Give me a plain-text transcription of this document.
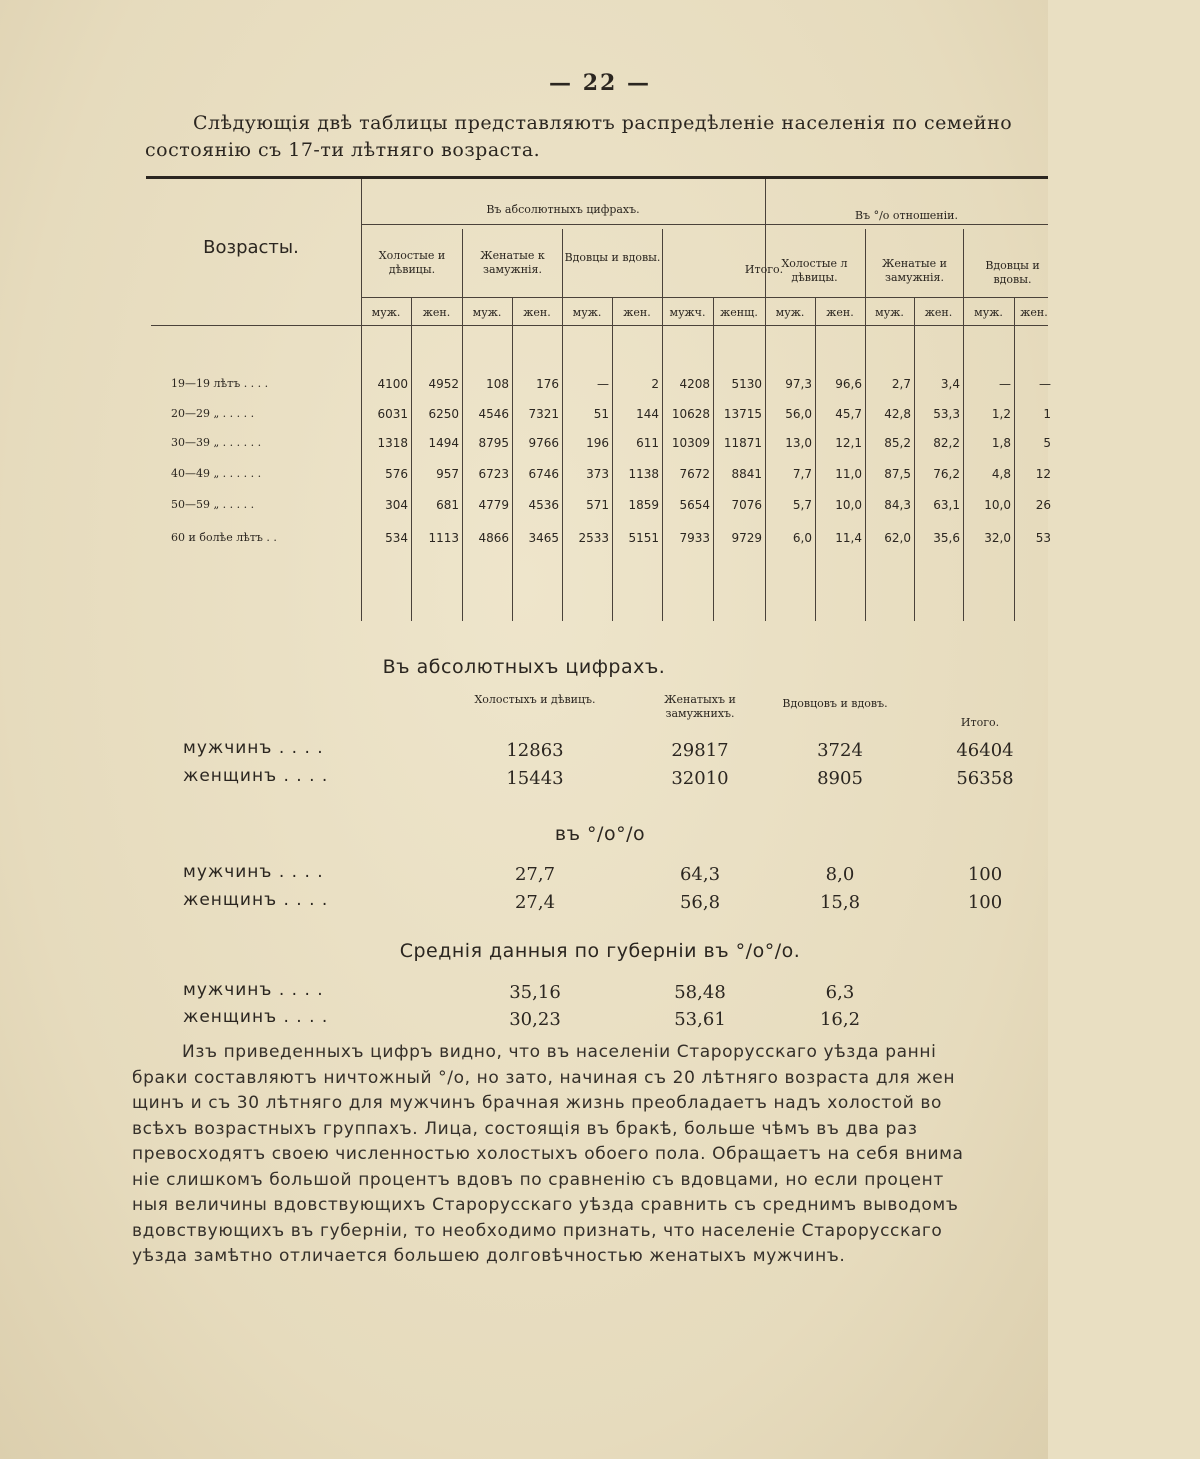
— 22 —
Слѣдующія двѣ таблицы представляютъ распредѣленіе населенія по семейно
состоянію съ 17-ти лѣтняго возраста.
Возрасты.
Въ абсолютныхъ цифрахъ.	Въ °/о отношеніи.
Холостые и дѣвицы.
Женатые к замужнія.
Вдовцы и вдовы.
Итого.
Холостые л дѣвицы.
Женатые и замужнія.
Вдовцы и вдовы.
муж.	жен.	муж.	жен.	муж.	жен.	мужч.	женщ.	муж.	жен.	муж.	жен.	муж.	жен.
19—19 лѣтъ . . . .	4100	4952	108	176	—	2	4208	5130	97,3	96,6	2,7	3,4	—	—
20—29 „ . . . . .	6031	6250	4546	7321	51	144	10628	13715	56,0	45,7	42,8	53,3	1,2	1
30—39 „ . . . . . .	1318	1494	8795	9766	196	611	10309	11871	13,0	12,1	85,2	82,2	1,8	5
40—49 „ . . . . . .	576	957	6723	6746	373	1138	7672	8841	7,7	11,0	87,5	76,2	4,8	12
50—59 „ . . . . .	304	681	4779	4536	571	1859	5654	7076	5,7	10,0	84,3	63,1	10,0	26
60 и болѣе лѣтъ . .	534	1113	4866	3465	2533	5151	7933	9729	6,0	11,4	62,0	35,6	32,0	53
Въ абсолютныхъ цифрахъ.
Холостыхъ и дѣвицъ.	Женатыхъ и замужнихъ.
Вдовцовъ и вдовъ.
Итого.
мужчинъ . . . .	12863	29817	3724	46404
женщинъ . . . .	15443	32010	8905	56358
мужчинъ . . . .	27,7	64,3	8,0	100
женщинъ . . . .	27,4	56,8	15,8	100
мужчинъ . . . .	35,16	58,48	6,3
женщинъ . . . .	30,23	53,61	16,2
въ °/о°/о
Среднія данныя по губерніи въ °/о°/о.
Изъ приведенныхъ цифръ видно, что въ населеніи Старорусскаго уѣзда ранні
браки составляютъ ничтожный °/о, но зато, начиная съ 20 лѣтняго возраста для жен
щинъ и съ 30 лѣтняго для мужчинъ брачная жизнь преобладаетъ надъ холостой во
всѣхъ возрастныхъ группахъ. Лица, состоящія въ бракѣ, больше чѣмъ въ два раз
превосходятъ своею численностью холостыхъ обоего пола. Обращаетъ на себя внима
ніе слишкомъ большой процентъ вдовъ по сравненію съ вдовцами, но если процент
ныя величины вдовствующихъ Старорусскаго уѣзда сравнить съ среднимъ выводомъ
вдовствующихъ въ губерніи, то необходимо признать, что населеніе Старорусскаго
уѣзда замѣтно отличается большею долговѣчностью женатыхъ мужчинъ.
